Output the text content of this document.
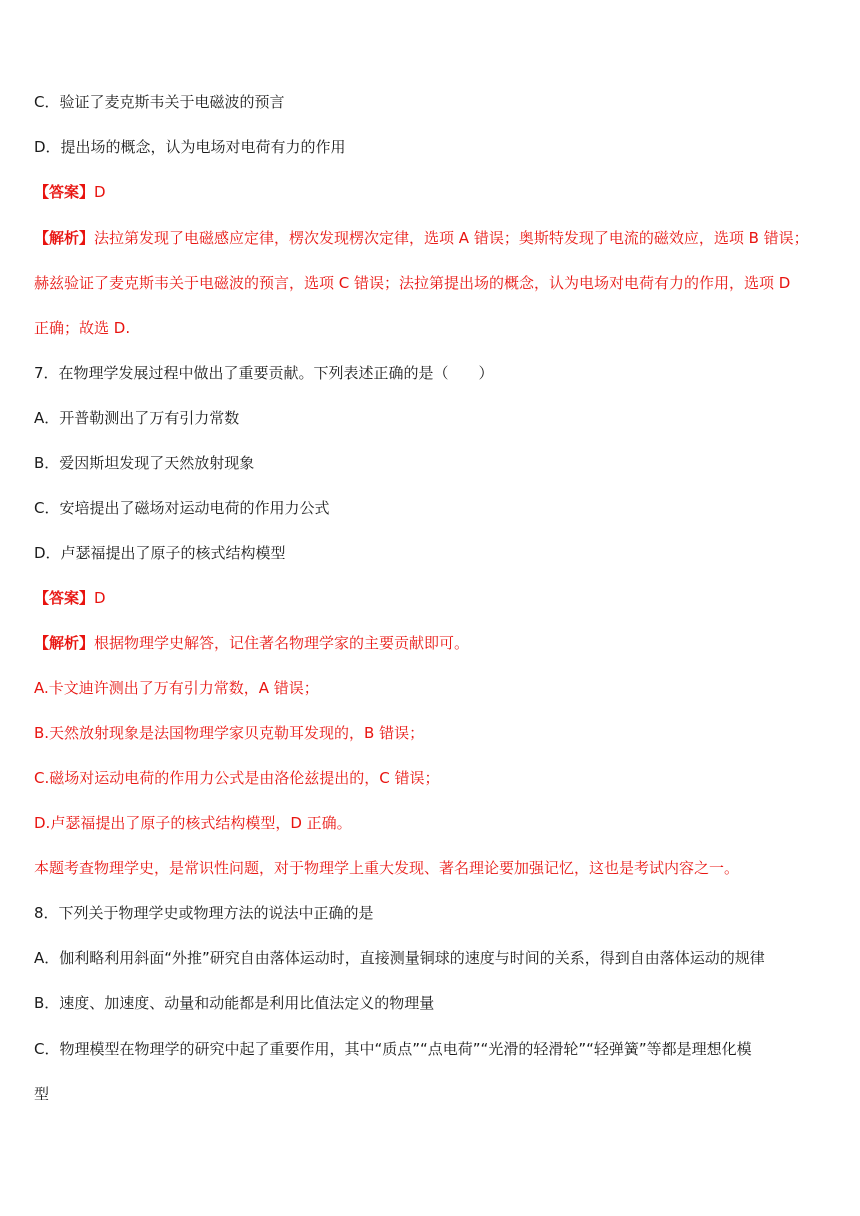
C．验证了麦克斯韦关于电磁波的预言
D．提出场的概念，认为电场对电荷有力的作用
【答案】D
【解析】法拉第发现了电磁感应定律，楞次发现楞次定律，选项 A 错误；奥斯特发现了电流的磁效应，选项 B 错误；
赫兹验证了麦克斯韦关于电磁波的预言，选项 C 错误；法拉第提出场的概念，认为电场对电荷有力的作用，选项 D
正确；故选 D.
7．在物理学发展过程中做出了重要贡献。下列表述正确的是（　　）
A．开普勒测出了万有引力常数
B．爱因斯坦发现了天然放射现象
C．安培提出了磁场对运动电荷的作用力公式
D．卢瑟福提出了原子的核式结构模型
【答案】D
【解析】根据物理学史解答，记住著名物理学家的主要贡献即可。
A.卡文迪许测出了万有引力常数，A 错误；
B.天然放射现象是法国物理学家贝克勒耳发现的，B 错误；
C.磁场对运动电荷的作用力公式是由洛伦兹提出的，C 错误；
D.卢瑟福提出了原子的核式结构模型，D 正确。
本题考查物理学史，是常识性问题，对于物理学上重大发现、著名理论要加强记忆，这也是考试内容之一。
8．下列关于物理学史或物理方法的说法中正确的是
A．伽利略利用斜面“外推”研究自由落体运动时，直接测量铜球的速度与时间的关系，得到自由落体运动的规律
B．速度、加速度、动量和动能都是利用比值法定义的物理量
C．物理模型在物理学的研究中起了重要作用，其中“质点”“点电荷”“光滑的轻滑轮”“轻弹簧”等都是理想化模
型
